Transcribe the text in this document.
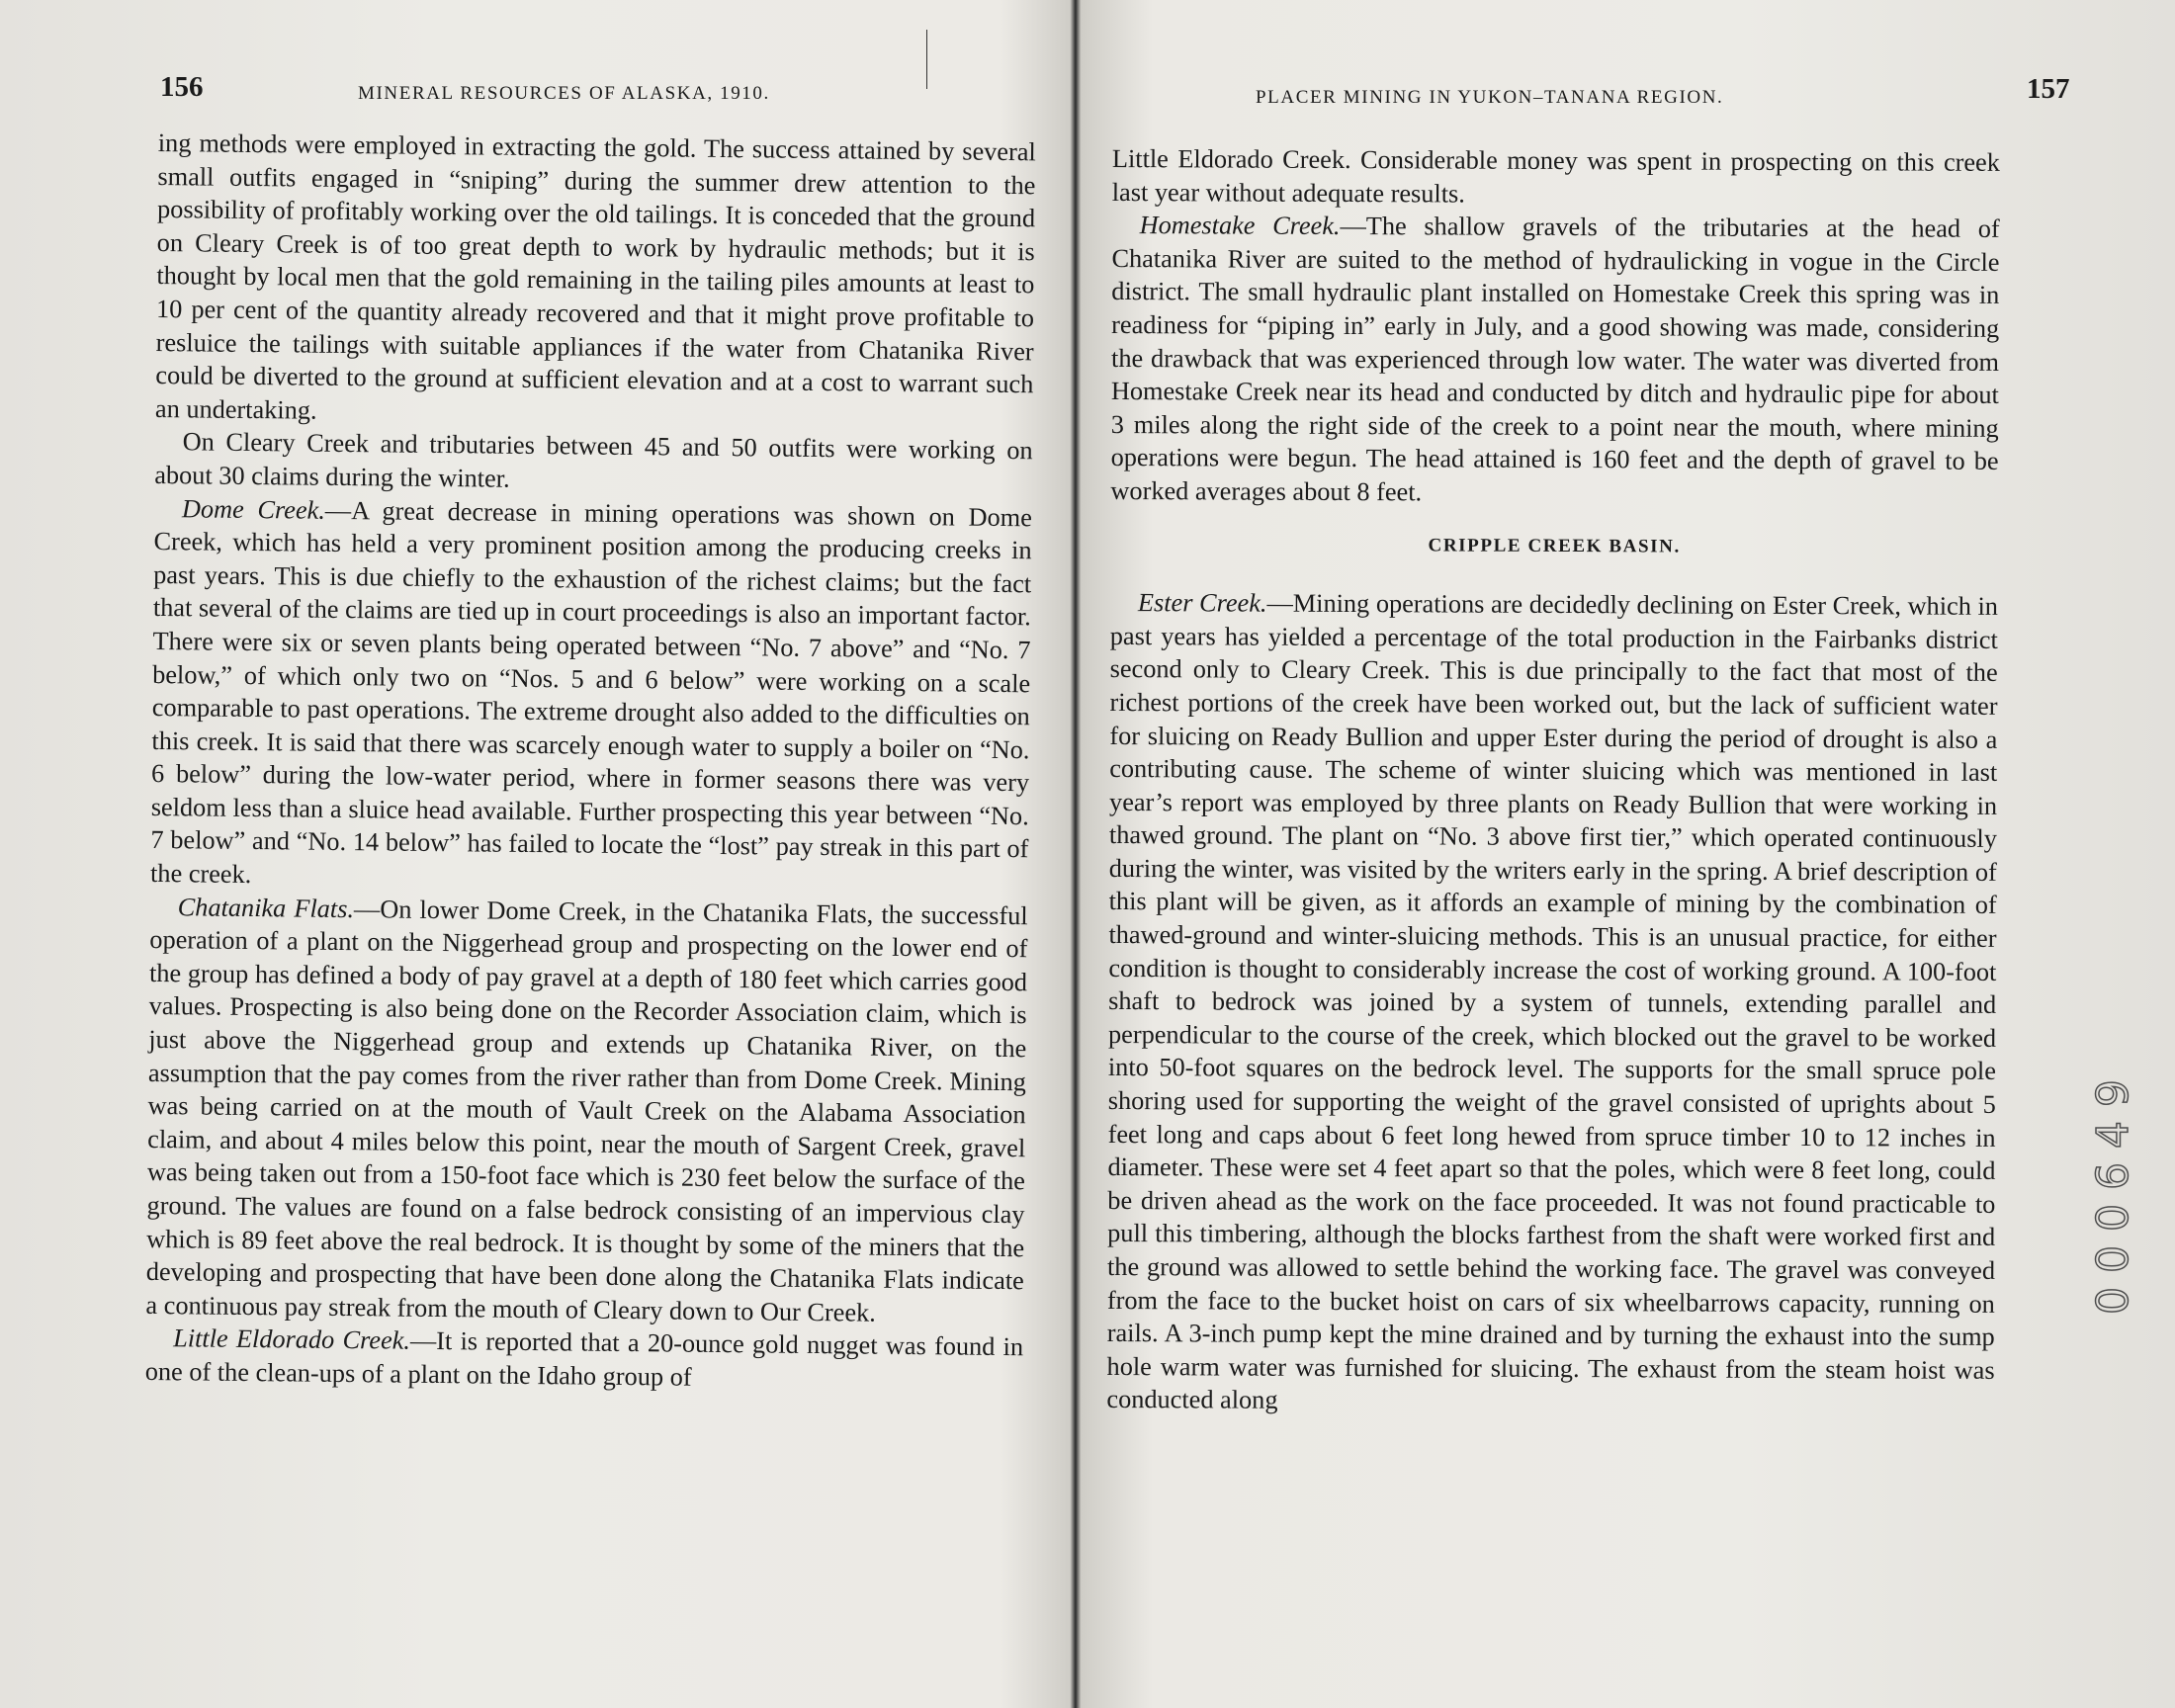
156	MINERAL RESOURCES OF ALASKA, 1910.

ing methods were employed in extracting the gold. The success attained by several small outfits engaged in “sniping” during the summer drew attention to the possibility of profitably working over the old tailings. It is conceded that the ground on Cleary Creek is of too great depth to work by hydraulic methods; but it is thought by local men that the gold remaining in the tailing piles amounts at least to 10 per cent of the quantity already recovered and that it might prove profitable to resluice the tailings with suitable appliances if the water from Chatanika River could be diverted to the ground at sufficient elevation and at a cost to warrant such an undertaking.

On Cleary Creek and tributaries between 45 and 50 outfits were working on about 30 claims during the winter.

Dome Creek.—A great decrease in mining operations was shown on Dome Creek, which has held a very prominent position among the producing creeks in past years. This is due chiefly to the exhaustion of the richest claims; but the fact that several of the claims are tied up in court proceedings is also an important factor. There were six or seven plants being operated between “No. 7 above” and “No. 7 below,” of which only two on “Nos. 5 and 6 below” were working on a scale comparable to past operations. The extreme drought also added to the difficulties on this creek. It is said that there was scarcely enough water to supply a boiler on “No. 6 below” during the low-water period, where in former seasons there was very seldom less than a sluice head available. Further prospecting this year between “No. 7 below” and “No. 14 below” has failed to locate the “lost” pay streak in this part of the creek.

Chatanika Flats.—On lower Dome Creek, in the Chatanika Flats, the successful operation of a plant on the Niggerhead group and prospecting on the lower end of the group has defined a body of pay gravel at a depth of 180 feet which carries good values. Prospecting is also being done on the Recorder Association claim, which is just above the Niggerhead group and extends up Chatanika River, on the assumption that the pay comes from the river rather than from Dome Creek. Mining was being carried on at the mouth of Vault Creek on the Alabama Association claim, and about 4 miles below this point, near the mouth of Sargent Creek, gravel was being taken out from a 150-foot face which is 230 feet below the surface of the ground. The values are found on a false bedrock consisting of an impervious clay which is 89 feet above the real bedrock. It is thought by some of the miners that the developing and prospecting that have been done along the Chatanika Flats indicate a continuous pay streak from the mouth of Cleary down to Our Creek.

Little Eldorado Creek.—It is reported that a 20-ounce gold nugget was found in one of the clean-ups of a plant on the Idaho group of

PLACER MINING IN YUKON–TANANA REGION.	157

Little Eldorado Creek. Considerable money was spent in prospecting on this creek last year without adequate results.

Homestake Creek.—The shallow gravels of the tributaries at the head of Chatanika River are suited to the method of hydraulicking in vogue in the Circle district. The small hydraulic plant installed on Homestake Creek this spring was in readiness for “piping in” early in July, and a good showing was made, considering the drawback that was experienced through low water. The water was diverted from Homestake Creek near its head and conducted by ditch and hydraulic pipe for about 3 miles along the right side of the creek to a point near the mouth, where mining operations were begun. The head attained is 160 feet and the depth of gravel to be worked averages about 8 feet.

CRIPPLE CREEK BASIN.

Ester Creek.—Mining operations are decidedly declining on Ester Creek, which in past years has yielded a percentage of the total production in the Fairbanks district second only to Cleary Creek. This is due principally to the fact that most of the richest portions of the creek have been worked out, but the lack of sufficient water for sluicing on Ready Bullion and upper Ester during the period of drought is also a contributing cause. The scheme of winter sluicing which was mentioned in last year’s report was employed by three plants on Ready Bullion that were working in thawed ground. The plant on “No. 3 above first tier,” which operated continuously during the winter, was visited by the writers early in the spring. A brief description of this plant will be given, as it affords an example of mining by the combination of thawed-ground and winter-sluicing methods. This is an unusual practice, for either condition is thought to considerably increase the cost of working ground. A 100-foot shaft to bedrock was joined by a system of tunnels, extending parallel and perpendicular to the course of the creek, which blocked out the gravel to be worked into 50-foot squares on the bedrock level. The supports for the small spruce pole shoring used for supporting the weight of the gravel consisted of uprights about 5 feet long and caps about 6 feet long hewed from spruce timber 10 to 12 inches in diameter. These were set 4 feet apart so that the poles, which were 8 feet long, could be driven ahead as the work on the face proceeded. It was not found practicable to pull this timbering, although the blocks farthest from the shaft were worked first and the ground was allowed to settle behind the working face. The gravel was conveyed from the face to the bucket hoist on cars of six wheelbarrows capacity, running on rails. A 3-inch pump kept the mine drained and by turning the exhaust into the sump hole warm water was furnished for sluicing. The exhaust from the steam hoist was conducted along

000649
